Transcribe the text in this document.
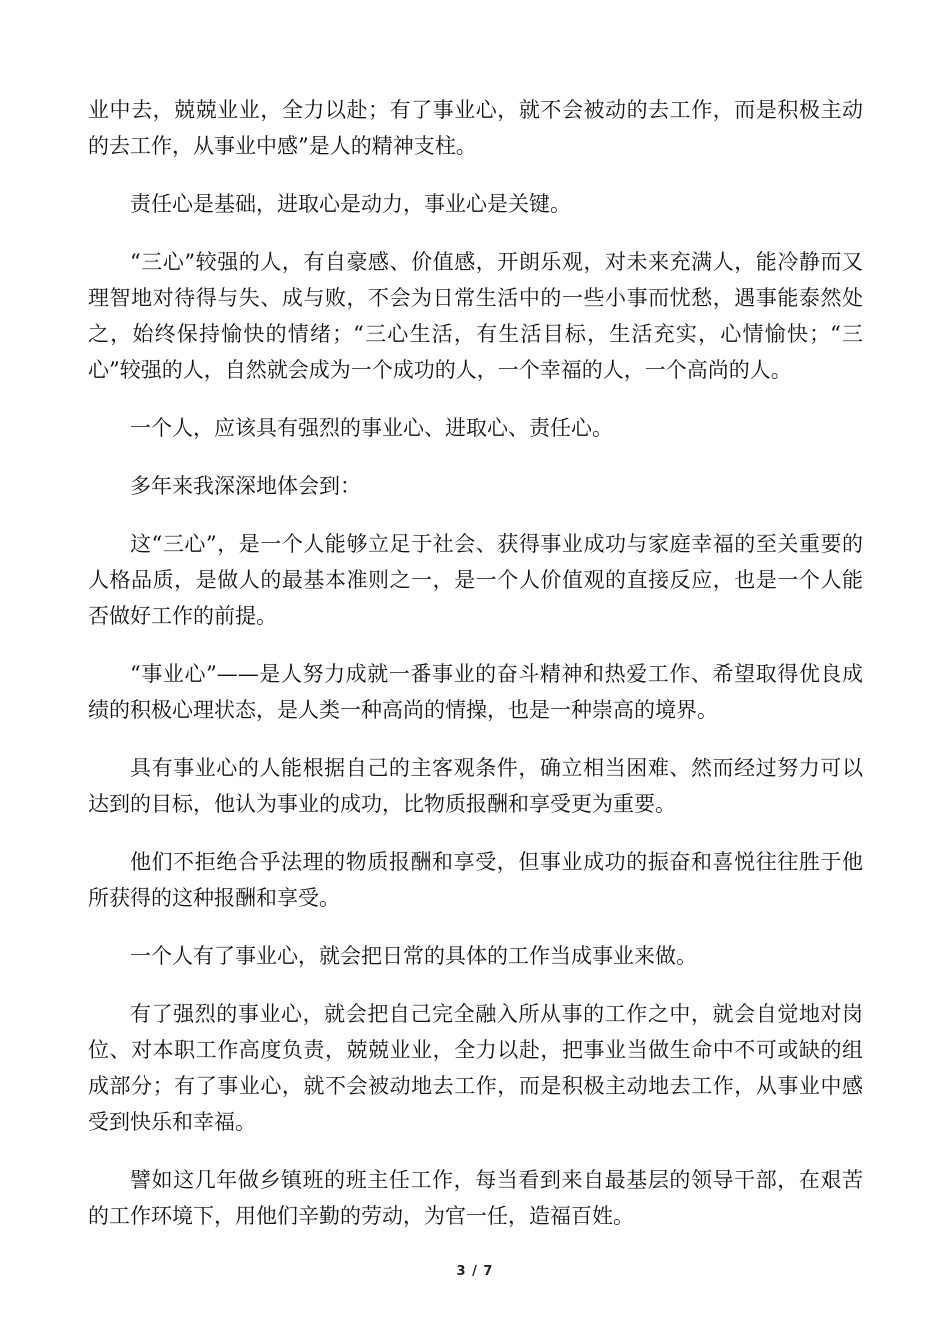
业中去，兢兢业业，全力以赴；有了事业心，就不会被动的去工作，而是积极主动的去工作，从事业中感”是人的精神支柱。

责任心是基础，进取心是动力，事业心是关键。

“三心”较强的人，有自豪感、价值感，开朗乐观，对未来充满人，能冷静而又理智地对待得与失、成与败，不会为日常生活中的一些小事而忧愁，遇事能泰然处之，始终保持愉快的情绪；“三心生活，有生活目标，生活充实，心情愉快；“三心”较强的人，自然就会成为一个成功的人，一个幸福的人，一个高尚的人。

一个人，应该具有强烈的事业心、进取心、责任心。

多年来我深深地体会到：

这“三心”，是一个人能够立足于社会、获得事业成功与家庭幸福的至关重要的人格品质，是做人的最基本准则之一，是一个人价值观的直接反应，也是一个人能否做好工作的前提。

“事业心”——是人努力成就一番事业的奋斗精神和热爱工作、希望取得优良成绩的积极心理状态，是人类一种高尚的情操，也是一种崇高的境界。

具有事业心的人能根据自己的主客观条件，确立相当困难、然而经过努力可以达到的目标，他认为事业的成功，比物质报酬和享受更为重要。

他们不拒绝合乎法理的物质报酬和享受，但事业成功的振奋和喜悦往往胜于他所获得的这种报酬和享受。

一个人有了事业心，就会把日常的具体的工作当成事业来做。

有了强烈的事业心，就会把自己完全融入所从事的工作之中，就会自觉地对岗位、对本职工作高度负责，兢兢业业，全力以赴，把事业当做生命中不可或缺的组成部分；有了事业心，就不会被动地去工作，而是积极主动地去工作，从事业中感受到快乐和幸福。

譬如这几年做乡镇班的班主任工作，每当看到来自最基层的领导干部，在艰苦的工作环境下，用他们辛勤的劳动，为官一任，造福百姓。

3 / 7
